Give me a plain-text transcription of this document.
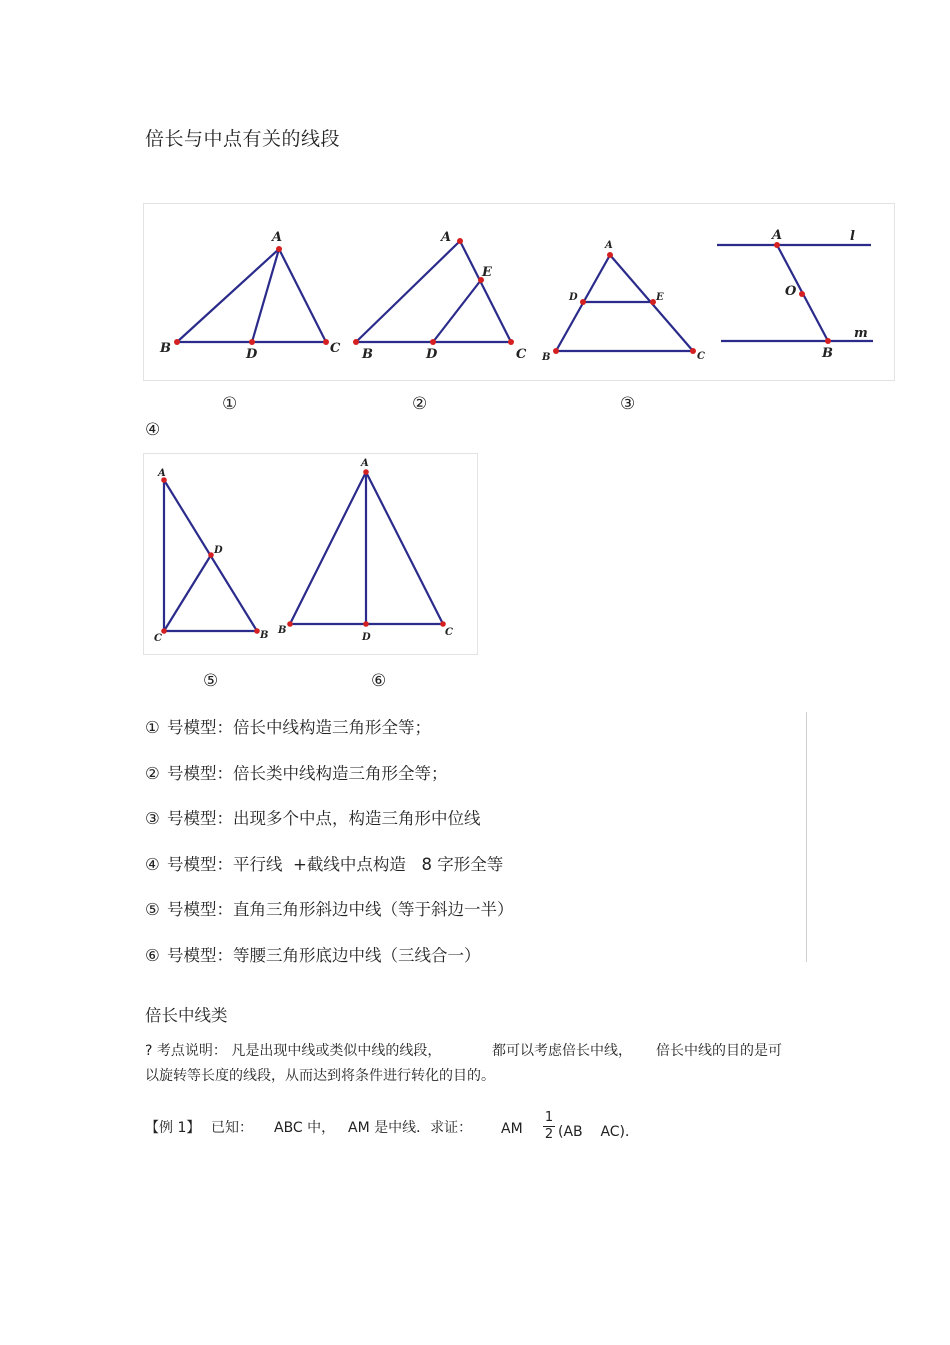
倍长与中点有关的线段
A
B	C
D
A
B	C
D
E
A
B	C
D	E
A	l
O
m
B
①	②	③
④
A
B
C
D
A
B	C
D
⑤	⑥
① 号模型：倍长中线构造三角形全等；
② 号模型：倍长类中线构造三角形全等；
③ 号模型：出现多个中点，构造三角形中位线
④ 号模型：平行线  +截线中点构造   8 字形全等
⑤ 号模型：直角三角形斜边中线（等于斜边一半）
⑥ 号模型：等腰三角形底边中线（三线合一）
倍长中线类
? 考点说明： 凡是出现中线或类似中线的线段，	都可以考虑倍长中线， 倍长中线的目的是可
以旋转等长度的线段，从而达到将条件进行转化的目的。
【例 1】 已知： ABC 中， AM 是中线．求证： AM $\frac{1}{2} (AB$    AC)．
